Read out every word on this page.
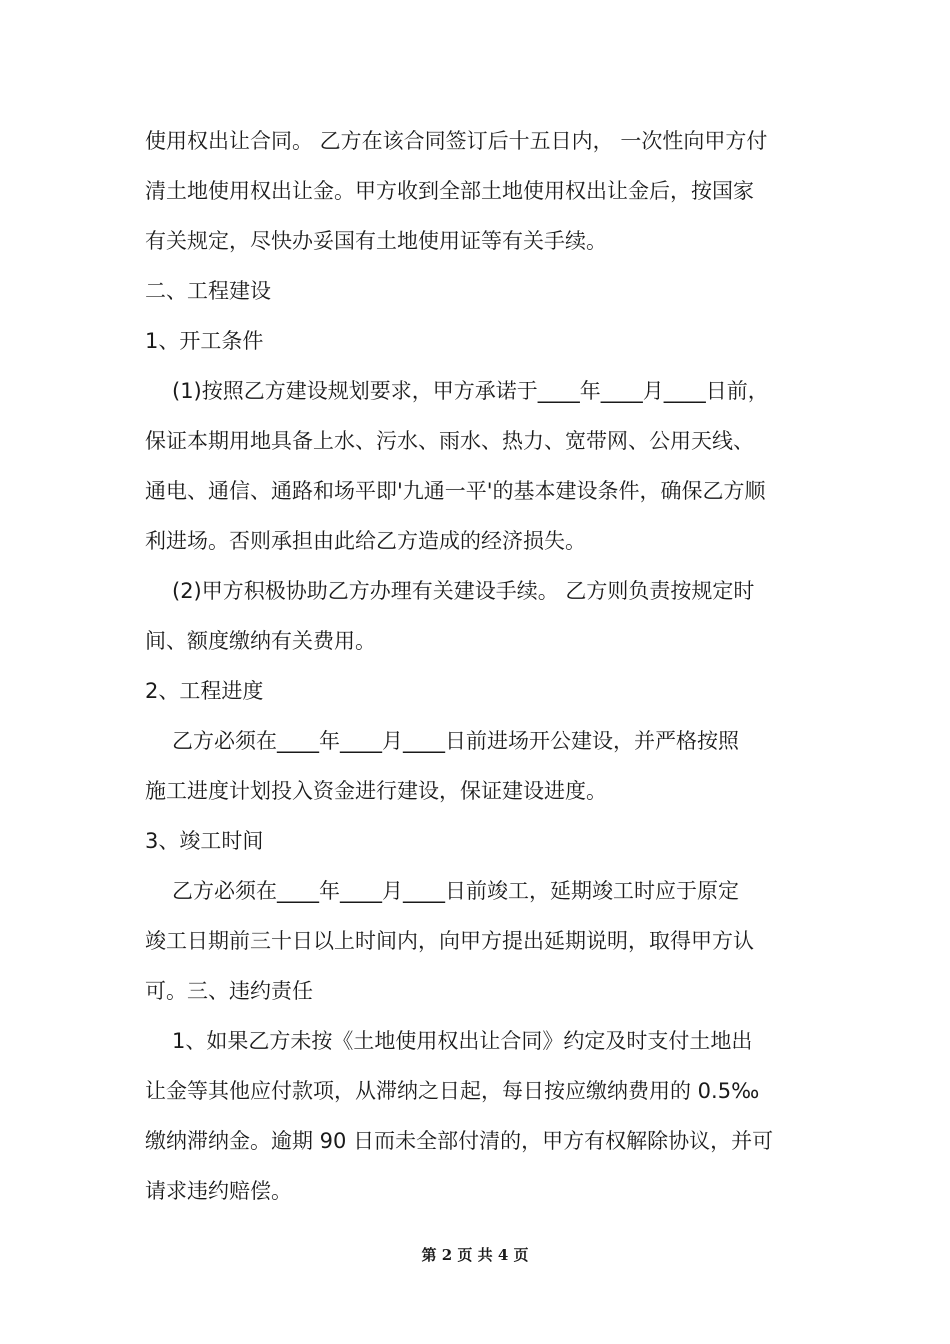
使用权出让合同。 乙方在该合同签订后十五日内， 一次性向甲方付
清土地使用权出让金。甲方收到全部土地使用权出让金后，按国家
有关规定，尽快办妥国有土地使用证等有关手续。
二、工程建设
1、开工条件
(1)按照乙方建设规划要求，甲方承诺于____年____月____日前，
保证本期用地具备上水、污水、雨水、热力、宽带网、公用天线、
通电、通信、通路和场平即'九通一平'的基本建设条件，确保乙方顺
利进场。否则承担由此给乙方造成的经济损失。
(2)甲方积极协助乙方办理有关建设手续。 乙方则负责按规定时
间、额度缴纳有关费用。
2、工程进度
乙方必须在____年____月____日前进场开公建设，并严格按照
施工进度计划投入资金进行建设，保证建设进度。
3、竣工时间
乙方必须在____年____月____日前竣工，延期竣工时应于原定
竣工日期前三十日以上时间内，向甲方提出延期说明，取得甲方认
可。三、违约责任
1、如果乙方未按《土地使用权出让合同》约定及时支付土地出
让金等其他应付款项，从滞纳之日起，每日按应缴纳费用的 0.5‰
缴纳滞纳金。逾期 90 日而未全部付清的，甲方有权解除协议，并可
请求违约赔偿。
第 2 页 共 4 页
